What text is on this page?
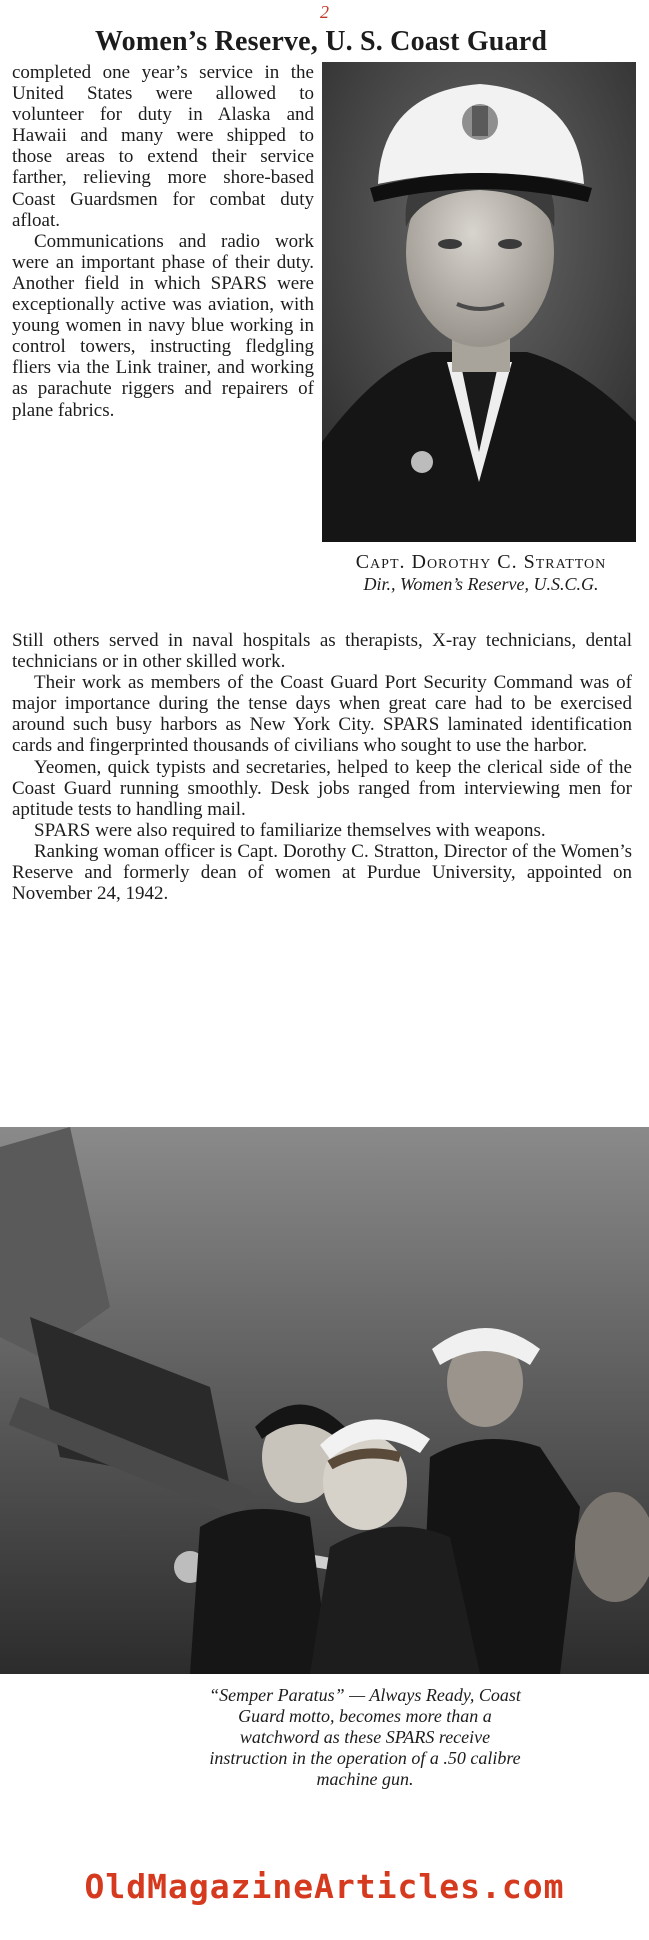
2
Women’s Reserve, U. S. Coast Guard

completed one year’s service in the United States were allowed to volunteer for duty in Alaska and Hawaii and many were shipped to those areas to extend their service farther, relieving more shore-based Coast Guardsmen for combat duty afloat.

Communications and radio work were an important phase of their duty. Another field in which SPARS were exceptionally active was aviation, with young women in navy blue working in control towers, instructing fledgling fliers via the Link trainer, and working as parachute riggers and repairers of plane fabrics.

Capt. Dorothy C. Stratton
Dir., Women’s Reserve, U.S.C.G.

Still others served in naval hospitals as therapists, X-ray technicians, dental technicians or in other skilled work.

Their work as members of the Coast Guard Port Security Command was of major importance during the tense days when great care had to be exercised around such busy harbors as New York City. SPARS laminated identification cards and fingerprinted thousands of civilians who sought to use the harbor.

Yeomen, quick typists and secretaries, helped to keep the clerical side of the Coast Guard running smoothly. Desk jobs ranged from interviewing men for aptitude tests to handling mail.

SPARS were also required to familiarize themselves with weapons.

Ranking woman officer is Capt. Dorothy C. Stratton, Director of the Women’s Reserve and formerly dean of women at Purdue University, appointed on November 24, 1942.

“Semper Paratus” — Always Ready, Coast Guard motto, becomes more than a watchword as these SPARS receive instruction in the operation of a .50 calibre machine gun.
OldMagazineArticles.com
